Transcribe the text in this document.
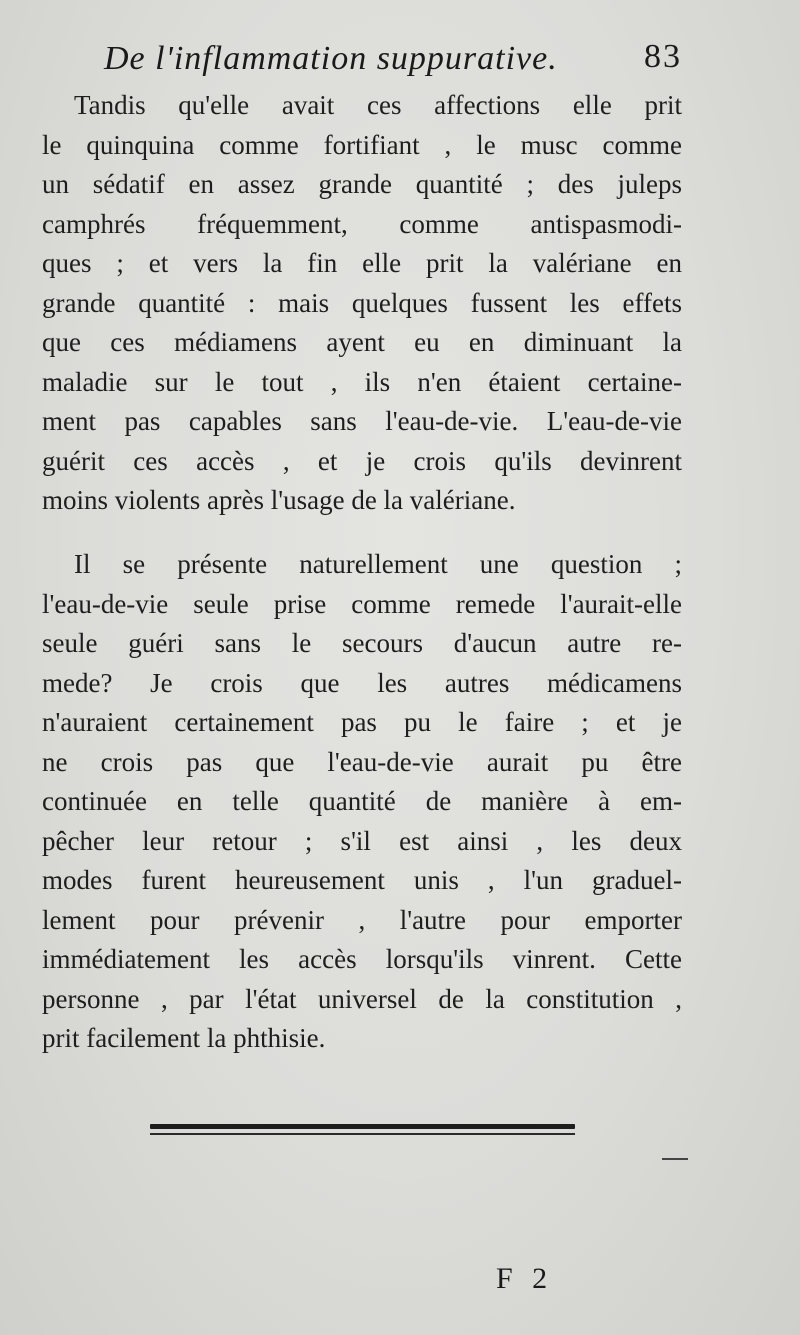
De l'inflammation suppurative.	83
Tandis qu'elle avait ces affections elle prit
le quinquina comme fortifiant , le musc comme
un sédatif en assez grande quantité ; des juleps
camphrés fréquemment, comme antispasmodi-
ques ; et vers la fin elle prit la valériane en
grande quantité : mais quelques fussent les effets
que ces médiamens ayent eu en diminuant la
maladie sur le tout , ils n'en étaient certaine-
ment pas capables sans l'eau-de-vie. L'eau-de-vie
guérit ces accès , et je crois qu'ils devinrent
moins violents après l'usage de la valériane.
Il se présente naturellement une question ;
l'eau-de-vie seule prise comme remede l'aurait-elle
seule guéri sans le secours d'aucun autre re-
mede? Je crois que les autres médicamens
n'auraient certainement pas pu le faire ; et je
ne crois pas que l'eau-de-vie aurait pu être
continuée en telle quantité de manière à em-
pêcher leur retour ; s'il est ainsi , les deux
modes furent heureusement unis , l'un graduel-
lement pour prévenir , l'autre pour emporter
immédiatement les accès lorsqu'ils vinrent. Cette
personne , par l'état universel de la constitution ,
prit facilement la phthisie.
F 2
